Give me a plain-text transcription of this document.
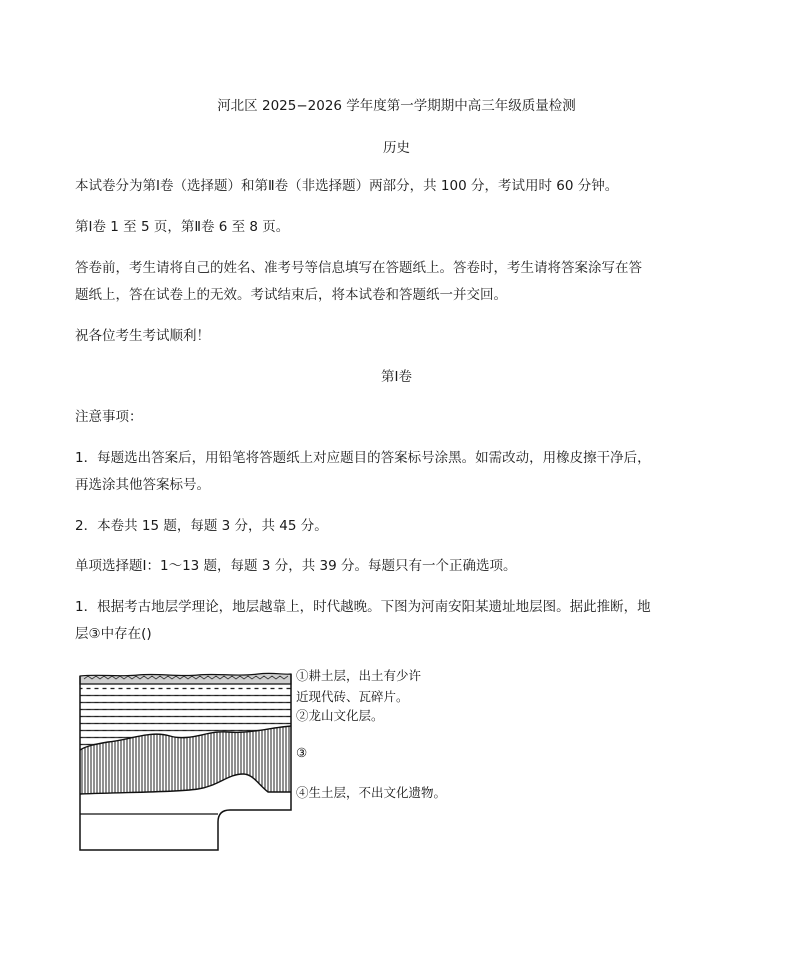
河北区 2025−2026 学年度第一学期期中高三年级质量检测
历史
本试卷分为第Ⅰ卷（选择题）和第Ⅱ卷（非选择题）两部分，共 100 分，考试用时 60 分钟。
第Ⅰ卷 1 至 5 页，第Ⅱ卷 6 至 8 页。
答卷前，考生请将自己的姓名、准考号等信息填写在答题纸上。答卷时，考生请将答案涂写在答
题纸上，答在试卷上的无效。考试结束后，将本试卷和答题纸一并交回。
祝各位考生考试顺利！
第Ⅰ卷
注意事项：
1．每题选出答案后，用铅笔将答题纸上对应题目的答案标号涂黑。如需改动，用橡皮擦干净后，
再选涂其他答案标号。
2．本卷共 15 题，每题 3 分，共 45 分。
单项选择题Ⅰ：1～13 题，每题 3 分，共 39 分。每题只有一个正确选项。
1．根据考古地层学理论，地层越靠上，时代越晚。下图为河南安阳某遗址地层图。据此推断，地
层③中存在()
①耕土层，出土有少许
近现代砖、瓦碎片。
②龙山文化层。
③
④生土层，不出文化遗物。
